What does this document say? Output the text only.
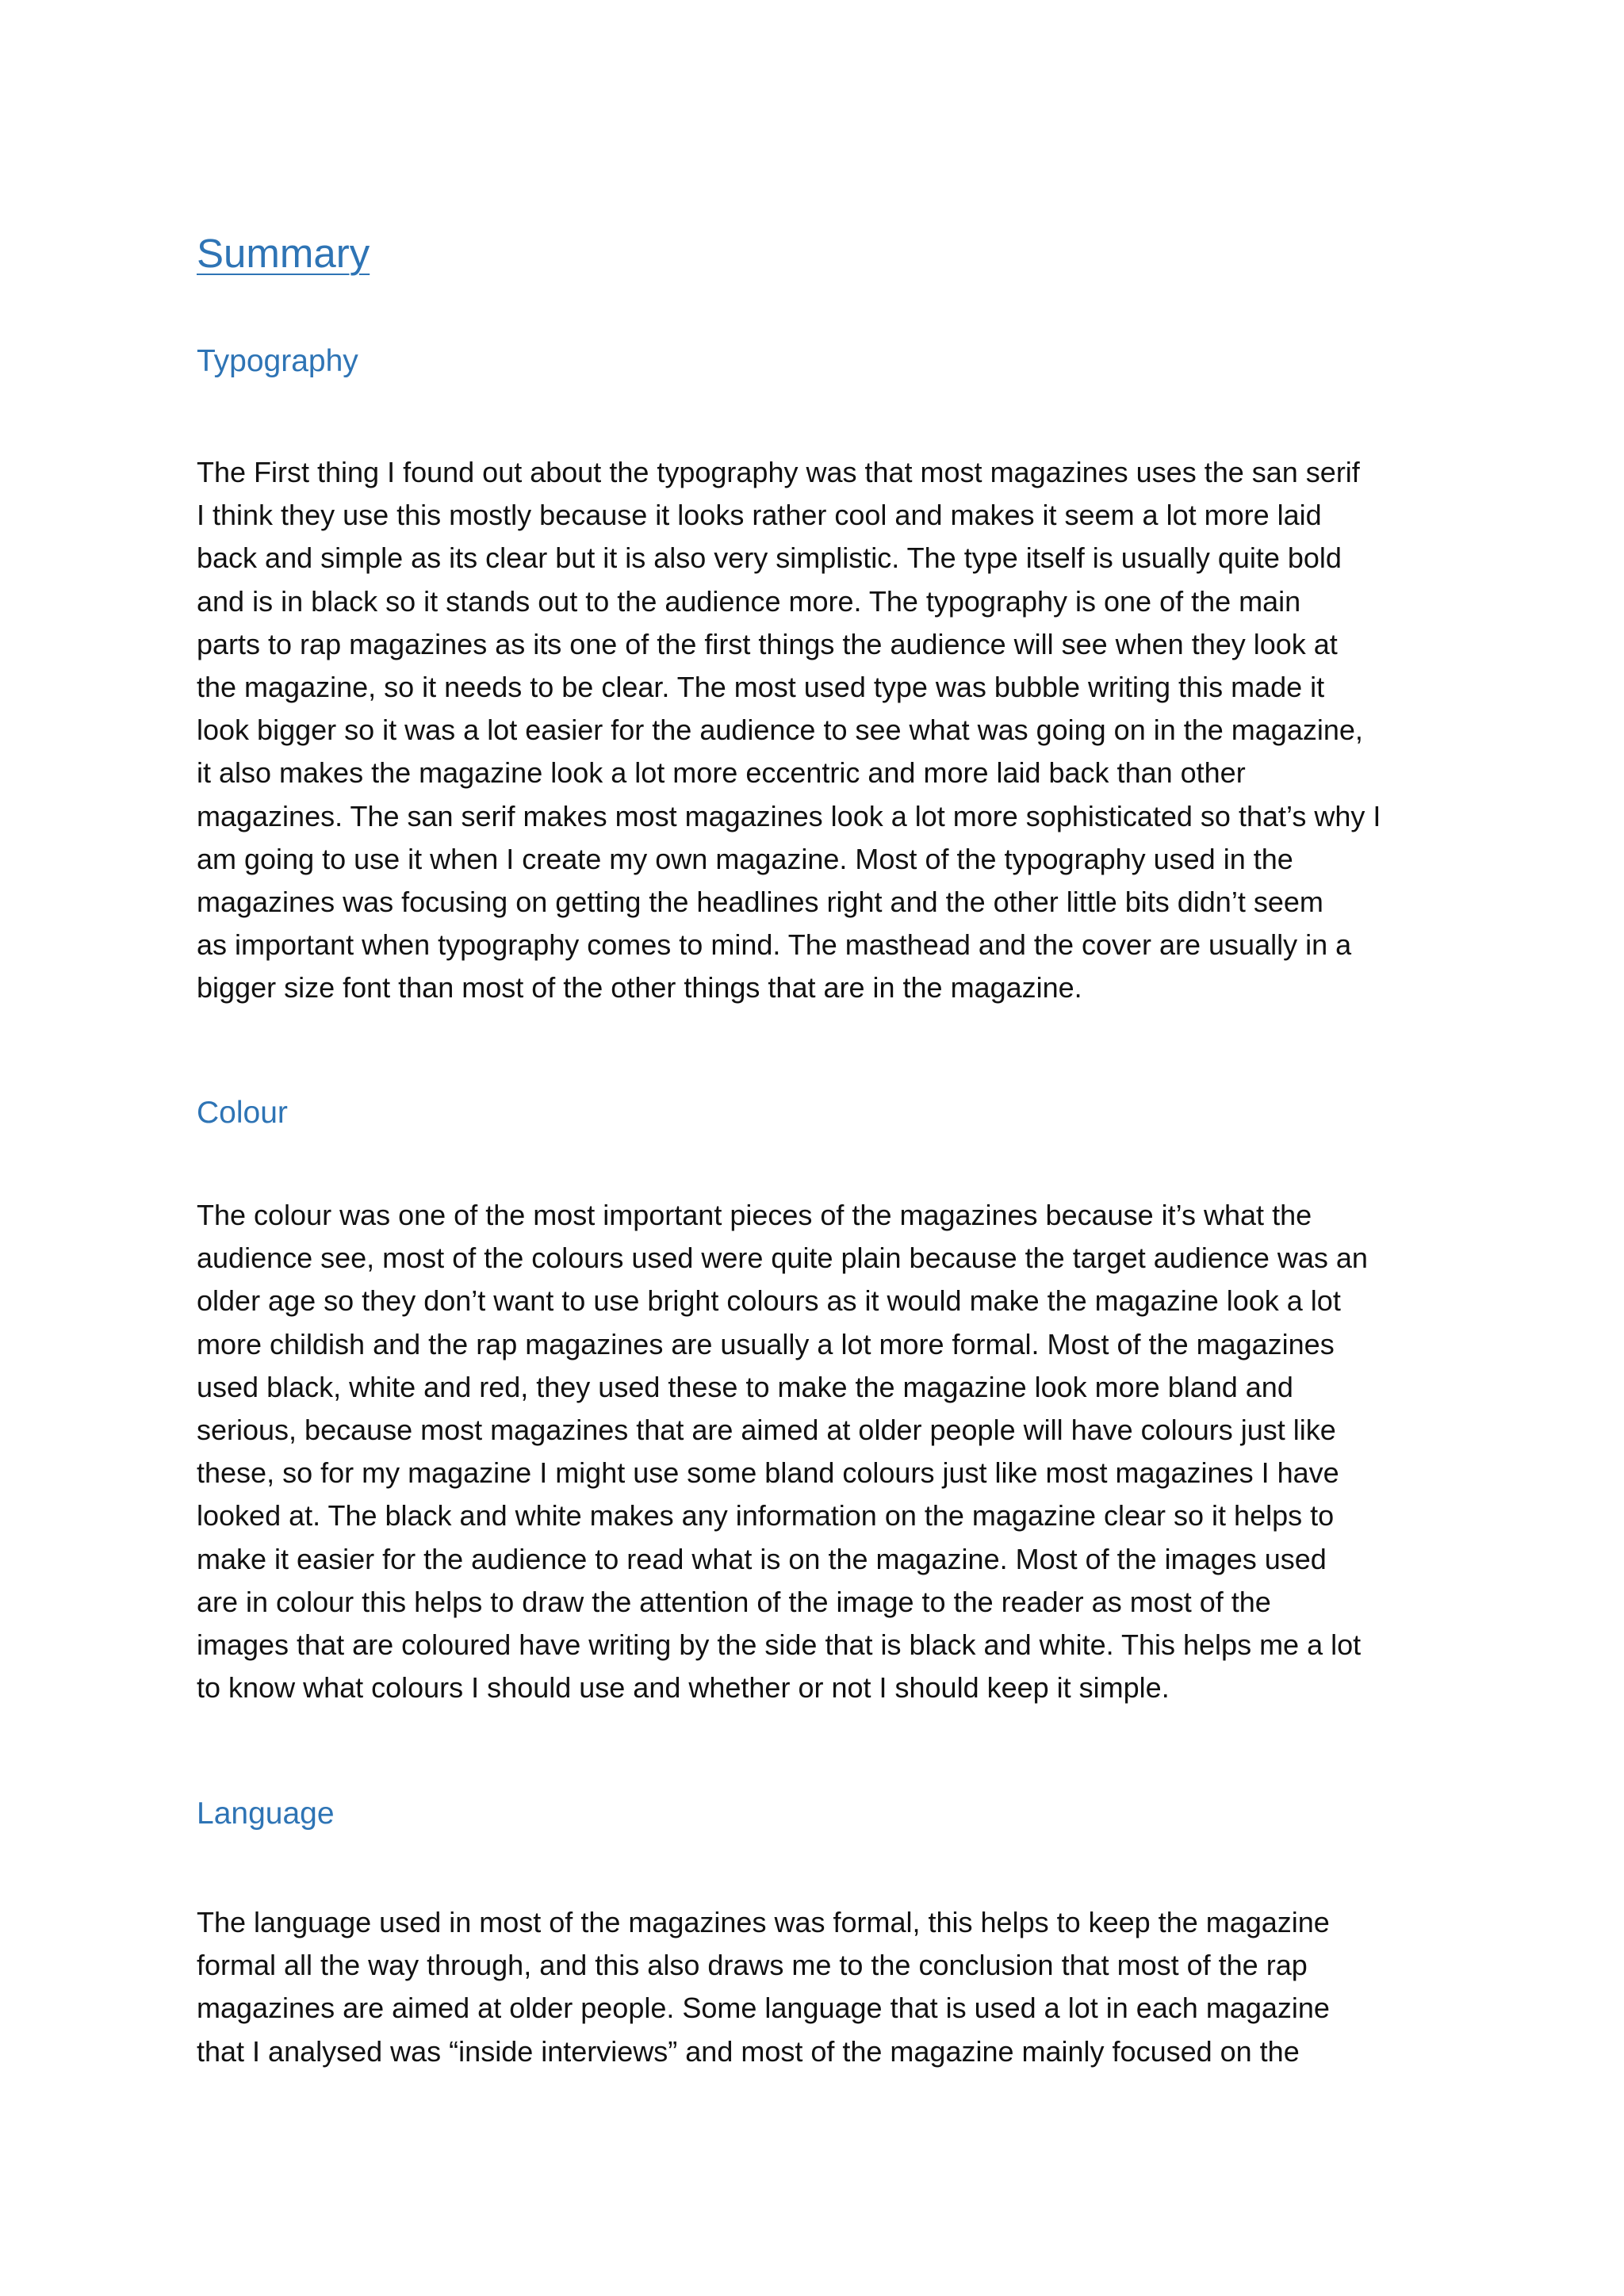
Summary
Typography
The First thing I found out about the typography was that most magazines uses the san serif
I think they use this mostly because it looks rather cool and makes it seem a lot more laid
back and simple as its clear but it is also very simplistic. The type itself is usually quite bold
and is in black so it stands out to the audience more. The typography is one of the main
parts to rap magazines as its one of the first things the audience will see when they look at
the magazine, so it needs to be clear. The most used type was bubble writing this made it
look bigger so it was a lot easier for the audience to see what was going on in the magazine,
it also makes the magazine look a lot more eccentric and more laid back than other
magazines. The san serif makes most magazines look a lot more sophisticated so that’s why I
am going to use it when I create my own magazine. Most of the typography used in the
magazines was focusing on getting the headlines right and the other little bits didn’t seem
as important when typography comes to mind. The masthead and the cover are usually in a
bigger size font than most of the other things that are in the magazine.
Colour
The colour was one of the most important pieces of the magazines because it’s what the
audience see, most of the colours used were quite plain because the target audience was an
older age so they don’t want to use bright colours as it would make the magazine look a lot
more childish and the rap magazines are usually a lot more formal. Most of the magazines
used black, white and red, they used these to make the magazine look more bland and
serious, because most magazines that are aimed at older people will have colours just like
these, so for my magazine I might use some bland colours just like most magazines I have
looked at. The black and white makes any information on the magazine clear so it helps to
make it easier for the audience to read what is on the magazine. Most of the images used
are in colour this helps to draw the attention of the image to the reader as most of the
images that are coloured have writing by the side that is black and white. This helps me a lot
to know what colours I should use and whether or not I should keep it simple.
Language
The language used in most of the magazines was formal, this helps to keep the magazine
formal all the way through, and this also draws me to the conclusion that most of the rap
magazines are aimed at older people. Some language that is used a lot in each magazine
that I analysed was “inside interviews” and most of the magazine mainly focused on the
